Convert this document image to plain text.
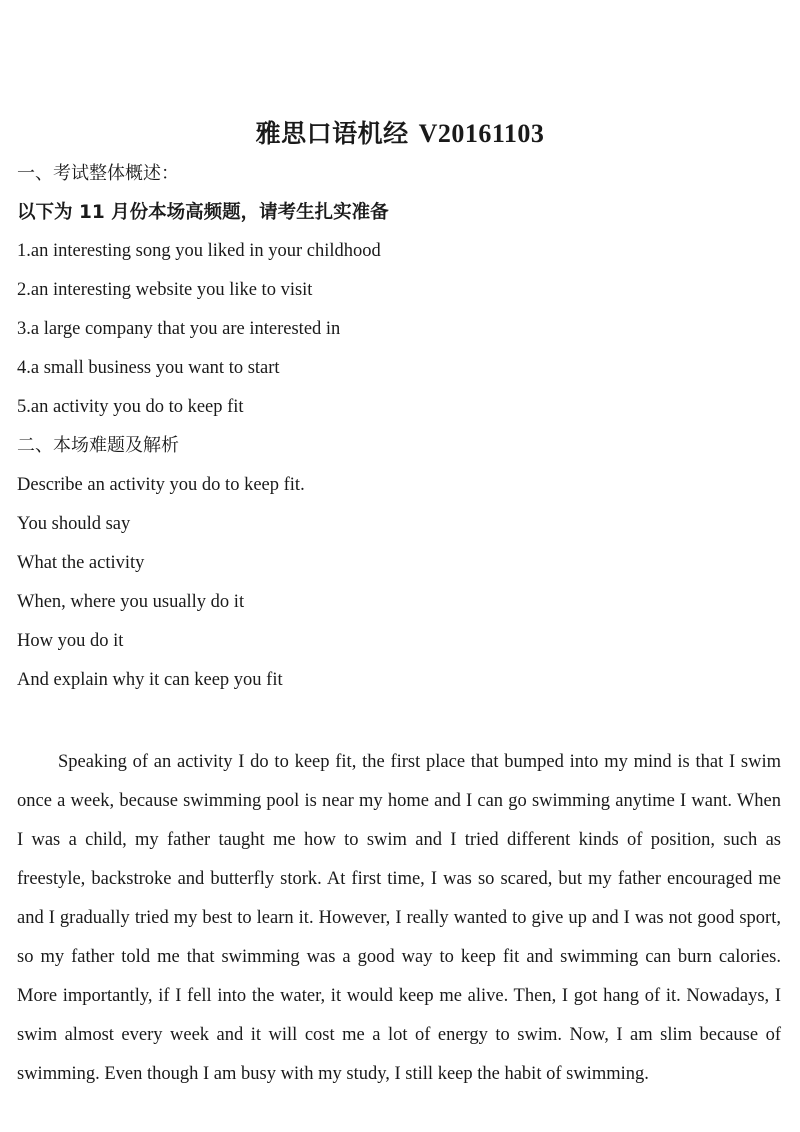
雅思口语机经 V20161103
一、考试整体概述：
以下为 11 月份本场高频题，请考生扎实准备
1.an interesting song you liked in your childhood
2.an interesting website you like to visit
3.a large company that you are interested in
4.a small business you want to start
5.an activity you do to keep fit
二、本场难题及解析
Describe an activity you do to keep fit.
You should say
What the activity
When, where you usually do it
How you do it
And explain why it can keep you fit

Speaking of an activity I do to keep fit, the first place that bumped into my mind is that I swim once a week, because swimming pool is near my home and I can go swimming anytime I want. When I was a child, my father taught me how to swim and I tried different kinds of position, such as freestyle, backstroke and butterfly stork. At first time, I was so scared, but my father encouraged me and I gradually tried my best to learn it. However, I really wanted to give up and I was not good sport, so my father told me that swimming was a good way to keep fit and swimming can burn calories. More importantly, if I fell into the water, it would keep me alive. Then, I got hang of it. Nowadays, I swim almost every week and it will cost me a lot of energy to swim. Now, I am slim because of swimming. Even though I am busy with my study, I still keep the habit of swimming.
